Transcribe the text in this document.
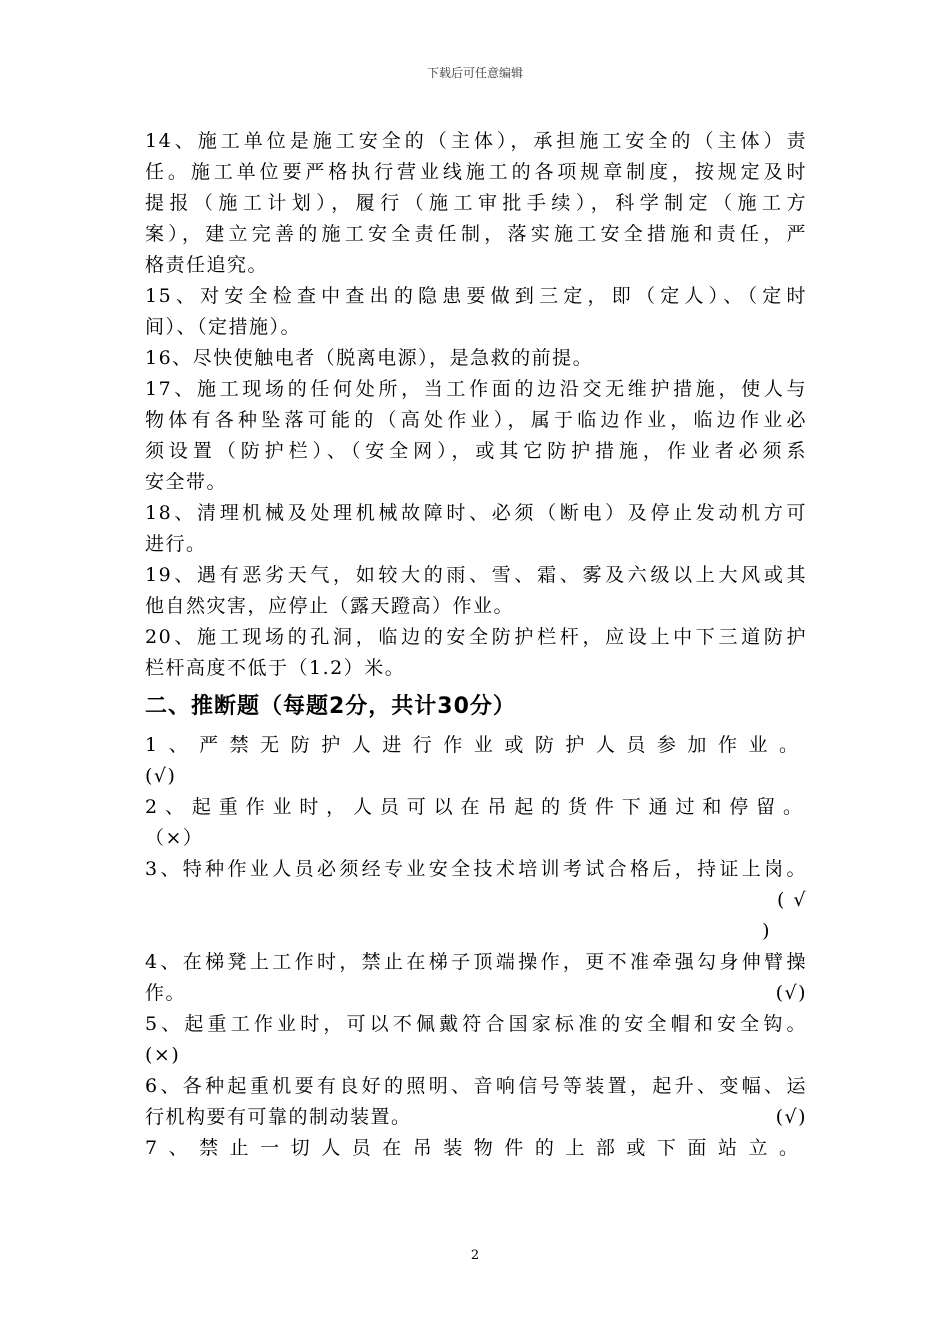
下载后可任意编辑
14、施工单位是施工安全的（主体），承担施工安全的（主体）责
任。施工单位要严格执行营业线施工的各项规章制度，按规定及时
提报（施工计划），履行（施工审批手续），科学制定（施工方
案），建立完善的施工安全责任制，落实施工安全措施和责任，严
格责任追究。
15、对安全检查中查出的隐患要做到三定，即（定人）、（定时
间）、（定措施）。
16、尽快使触电者（脱离电源），是急救的前提。
17、施工现场的任何处所，当工作面的边沿交无维护措施，使人与
物体有各种坠落可能的（高处作业），属于临边作业，临边作业必
须设置（防护栏）、（安全网），或其它防护措施，作业者必须系
安全带。
18、清理机械及处理机械故障时、必须（断电）及停止发动机方可
进行。
19、遇有恶劣天气，如较大的雨、雪、霜、雾及六级以上大风或其
他自然灾害，应停止（露天蹬高）作业。
20、施工现场的孔洞，临边的安全防护栏杆，应设上中下三道防护
栏杆高度不低于（1.2）米。
二、推断题（每题2分，共计30分）
1、严禁无防护人进行作业或防护人员参加作业。
(√)
2、起重作业时，人员可以在吊起的货件下通过和停留。
（×）
3、特种作业人员必须经专业安全技术培训考试合格后，持证上岗。
( √
)
4、在梯凳上工作时，禁止在梯子顶端操作，更不准牵强勾身伸臂操
作。	(√)
5、起重工作业时，可以不佩戴符合国家标准的安全帽和安全钩。
(×)
6、各种起重机要有良好的照明、音响信号等装置，起升、变幅、运
行机构要有可靠的制动装置。	(√)
7、禁止一切人员在吊装物件的上部或下面站立。
2
